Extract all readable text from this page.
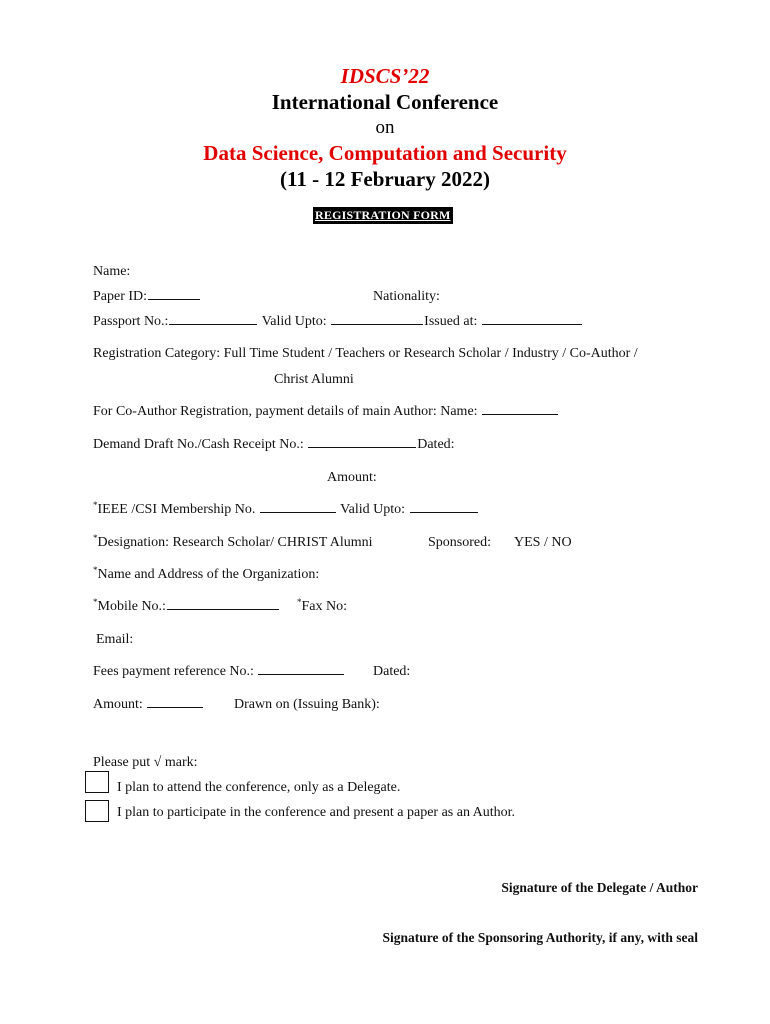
IDSCS’22
International Conference
on
Data Science, Computation and Security
(11 - 12 February 2022)
REGISTRATION FORM
Name:
Paper ID:	Nationality:
Passport No.:	Valid Upto:	Issued at:
Registration Category: Full Time Student / Teachers or Research Scholar / Industry / Co-Author /
Christ Alumni
For Co-Author Registration, payment details of main Author: Name:
Demand Draft No./Cash Receipt No.:	Dated:
Amount:
*IEEE /CSI Membership No.	Valid Upto:
*Designation: Research Scholar/ CHRIST Alumni	Sponsored: YES / NO
*Name and Address of the Organization:
*Mobile No.:	*Fax No:
Email:
Fees payment reference No.:	Dated:
Amount:	Drawn on (Issuing Bank):
Please put √ mark:
I plan to attend the conference, only as a Delegate.
I plan to participate in the conference and present a paper as an Author.
Signature of the Delegate / Author
Signature of the Sponsoring Authority, if any, with seal
